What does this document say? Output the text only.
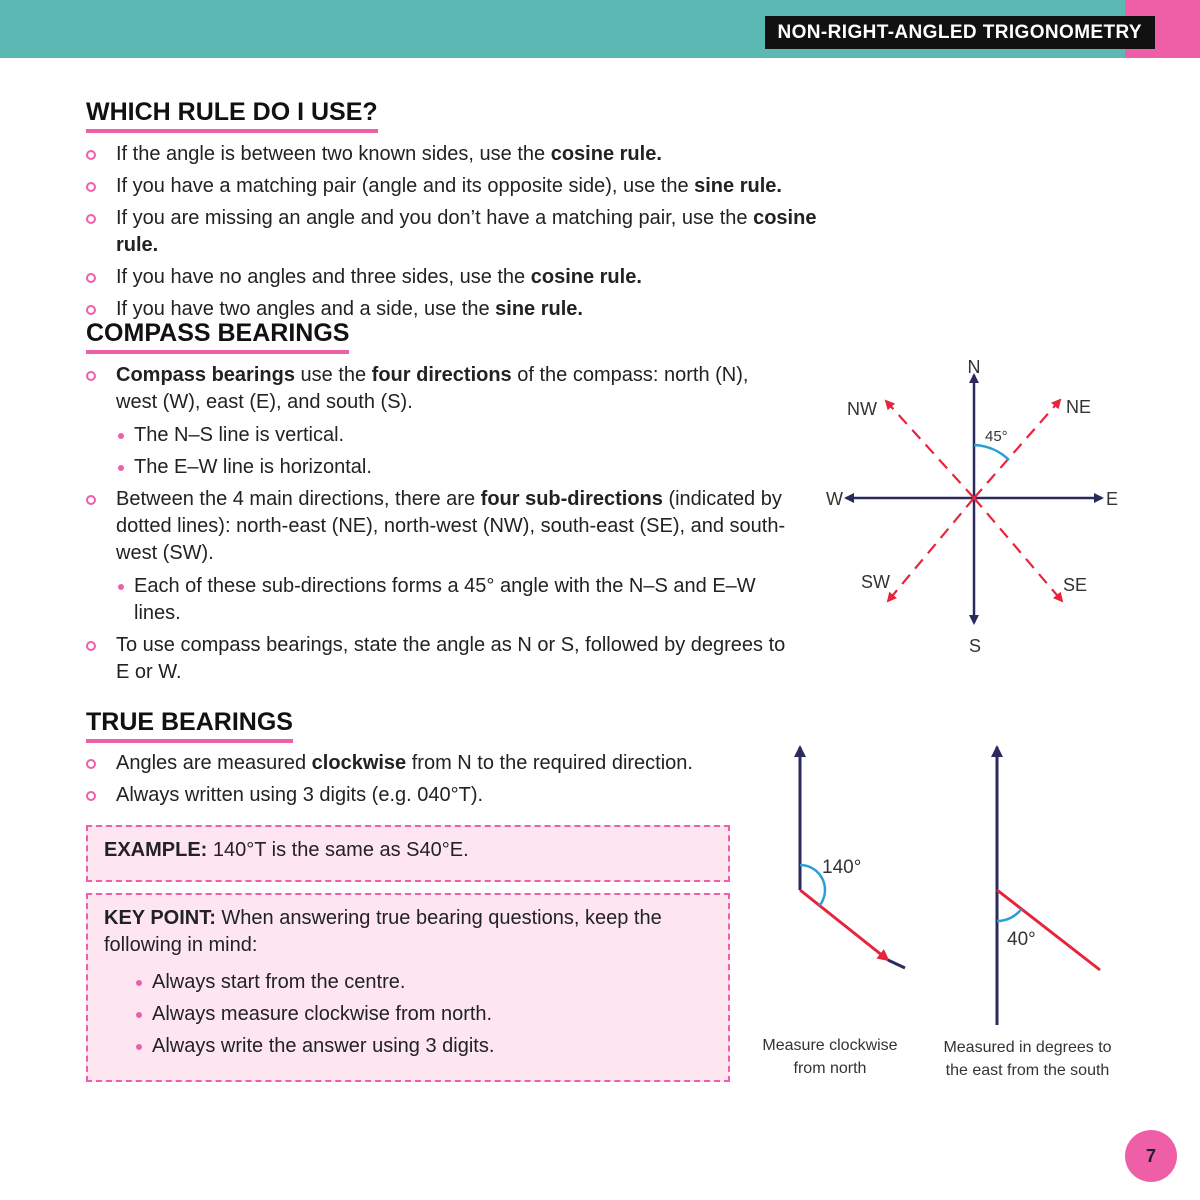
NON-RIGHT-ANGLED TRIGONOMETRY
WHICH RULE DO I USE?
If the angle is between two known sides, use the cosine rule.
If you have a matching pair (angle and its opposite side), use the sine rule.
If you are missing an angle and you don’t have a matching pair, use the cosine rule.
If you have no angles and three sides, use the cosine rule.
If you have two angles and a side, use the sine rule.
COMPASS BEARINGS
Compass bearings use the four directions of the compass: north (N), west (W), east (E), and south (S).
The N–S line is vertical.
The E–W line is horizontal.
Between the 4 main directions, there are four sub-directions (indicated by dotted lines): north-east (NE), north-west (NW), south-east (SE), and south-west (SW).
Each of these sub-directions forms a 45° angle with the N–S and E–W lines.
To use compass bearings, state the angle as N or S, followed by degrees to E or W.
45°
N
S
E
W
NE
NW
SE
SW
TRUE BEARINGS
Angles are measured clockwise from N to the required direction.
Always written using 3 digits (e.g. 040°T).
EXAMPLE: 140°T is the same as S40°E.
KEY POINT: When answering true bearing questions, keep the following in mind:
Always start from the centre.
Always measure clockwise from north.
Always write the answer using 3 digits.
140°
Measure clockwise
from north
40°
Measured in degrees to
the east from the south
7
